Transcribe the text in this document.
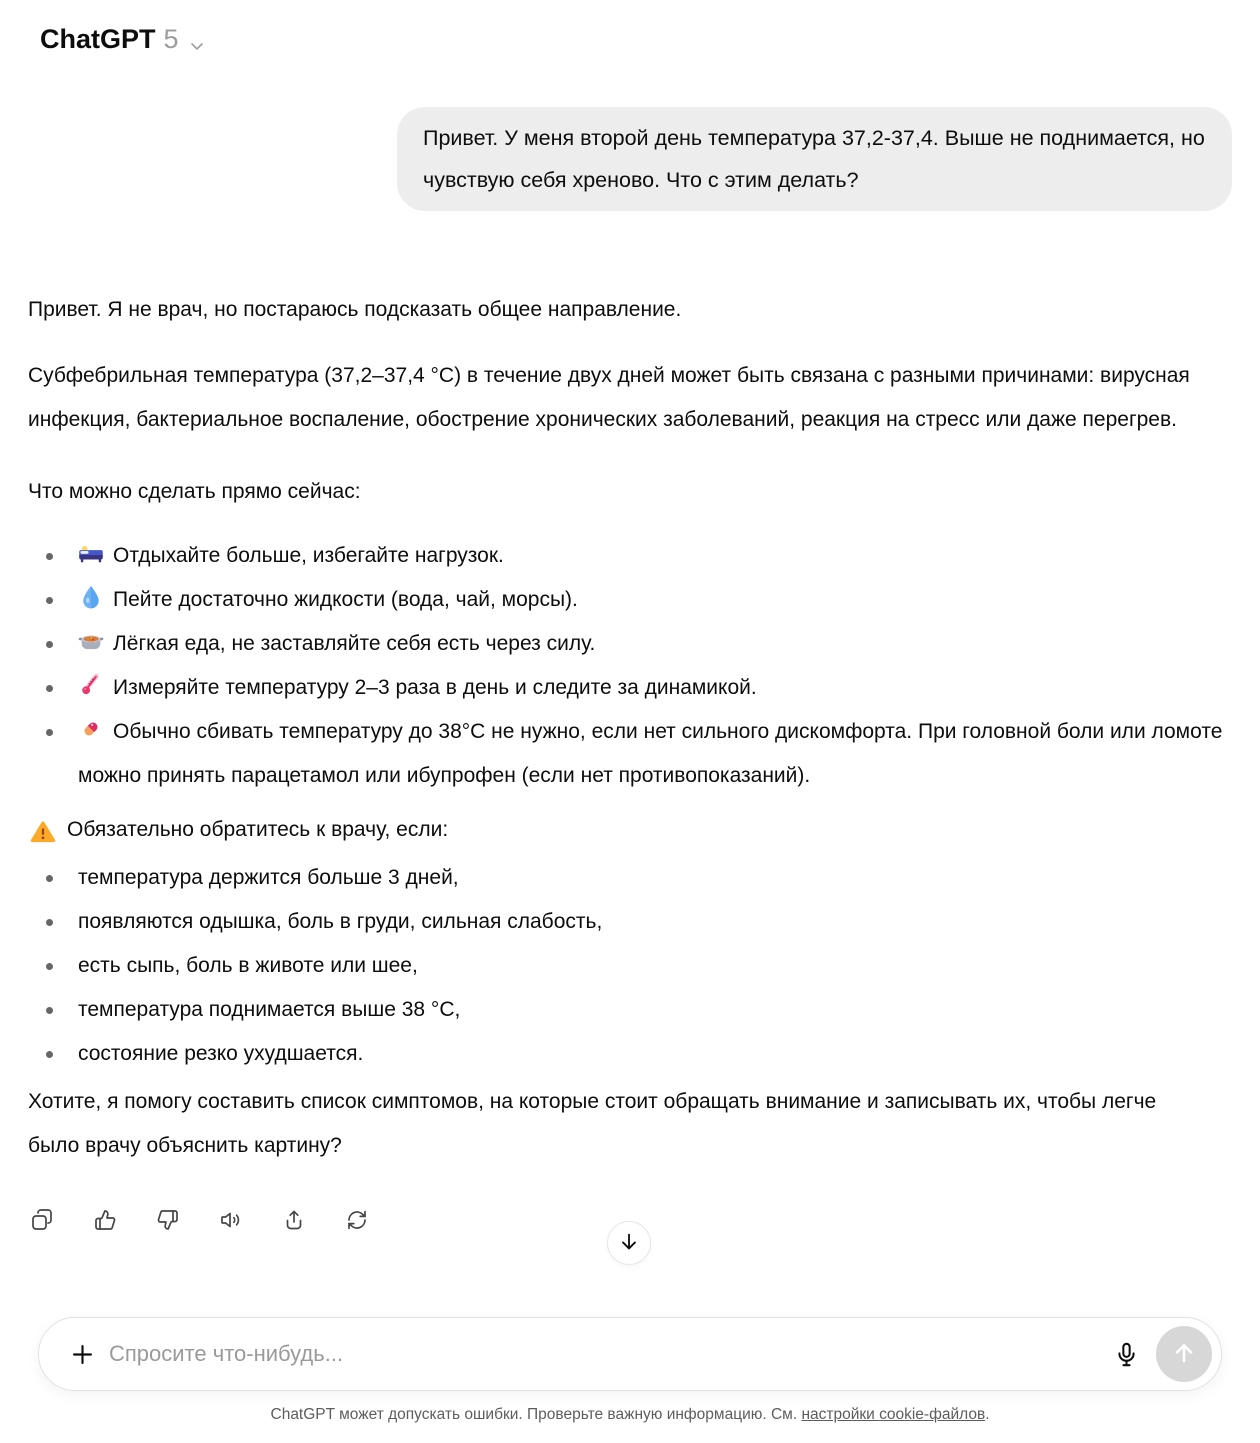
ChatGPT 5
Привет. У меня второй день температура 37,2-37,4. Выше не поднимается, но чувствую себя хреново. Что с этим делать?

Привет. Я не врач, но постараюсь подсказать общее направление.

Субфебрильная температура (37,2–37,4 °C) в течение двух дней может быть связана с разными причинами: вирусная инфекция, бактериальное воспаление, обострение хронических заболеваний, реакция на стресс или даже перегрев.

Что можно сделать прямо сейчас:

Отдыхайте больше, избегайте нагрузок.
Пейте достаточно жидкости (вода, чай, морсы).
Лёгкая еда, не заставляйте себя есть через силу.
Измеряйте температуру 2–3 раза в день и следите за динамикой.
Обычно сбивать температуру до 38°C не нужно, если нет сильного дискомфорта. При головной боли или ломоте можно принять парацетамол или ибупрофен (если нет противопоказаний).
Обязательно обратитесь к врачу, если:
температура держится больше 3 дней,
появляются одышка, боль в груди, сильная слабость,
есть сыпь, боль в животе или шее,
температура поднимается выше 38 °C,
состояние резко ухудшается.

Хотите, я помогу составить список симптомов, на которые стоит обращать внимание и записывать их, чтобы легче было врачу объяснить картину?

Спросите что-нибудь...
ChatGPT может допускать ошибки. Проверьте важную информацию. См. настройки cookie-файлов.
